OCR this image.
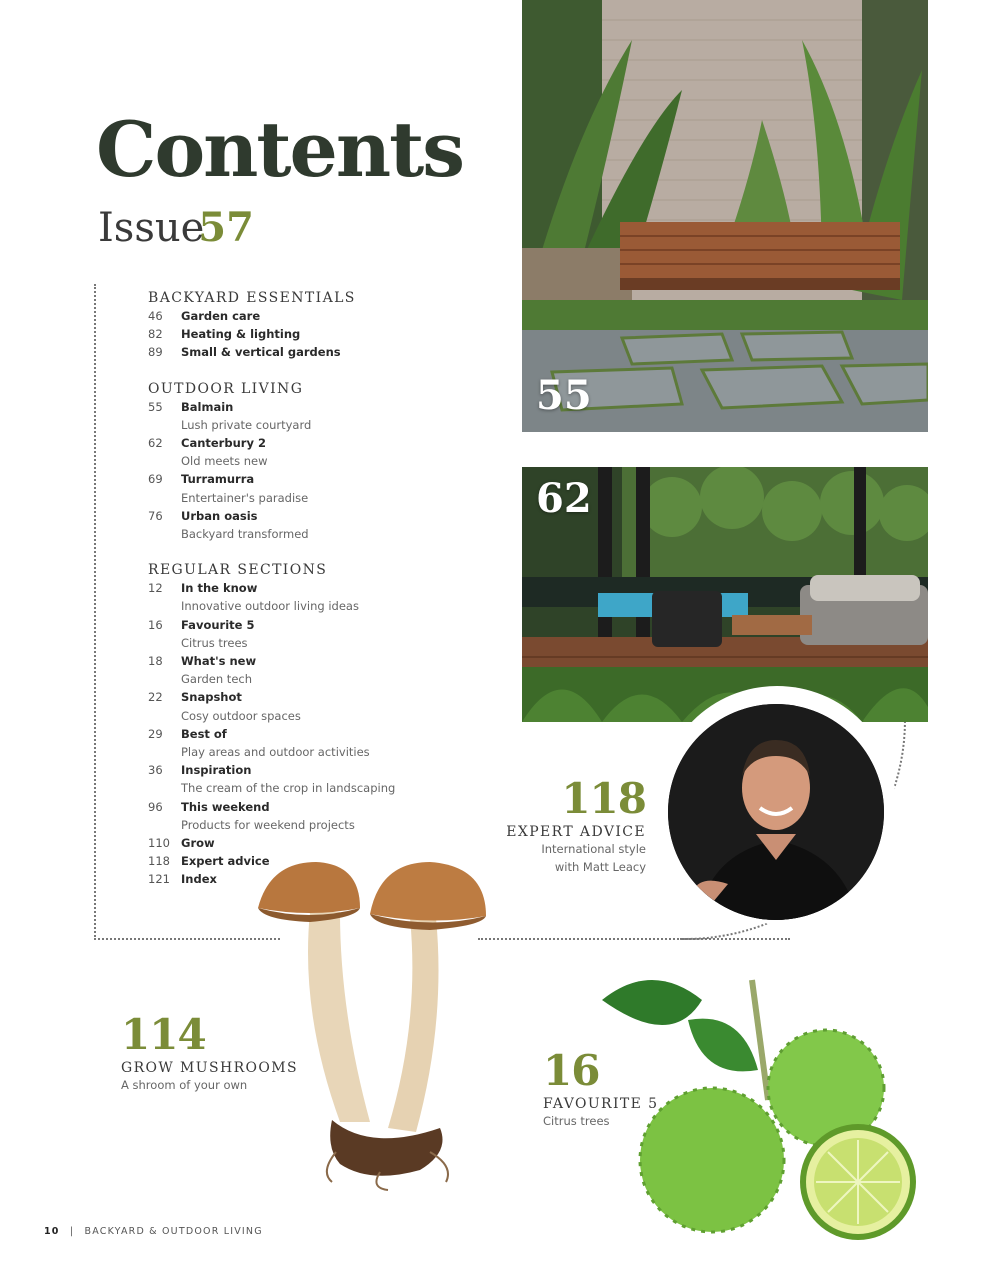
Contents
Issue57
BACKYARD ESSENTIALS
46	Garden care
82	Heating & lighting
89	Small & vertical gardens
OUTDOOR LIVING
55	Balmain
Lush private courtyard
62	Canterbury 2
Old meets new
69	Turramurra
Entertainer's paradise
76	Urban oasis
Backyard transformed
REGULAR SECTIONS
12	In the know
Innovative outdoor living ideas
16	Favourite 5
Citrus trees
18	What's new
Garden tech
22	Snapshot
Cosy outdoor spaces
29	Best of
Play areas and outdoor activities
36	Inspiration
The cream of the crop in landscaping
96	This weekend
Products for weekend projects
110 Grow
118 Expert advice
121 Index
55
62
118
EXPERT ADVICE
International style
with Matt Leacy
114
GROW MUSHROOMS
A shroom of your own	16
FAVOURITE 5
Citrus trees
10 | BACKYARD & OUTDOOR LIVING
